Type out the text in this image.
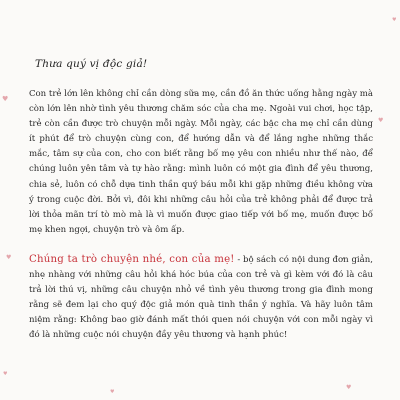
♥
♥
♥
♥
♥
♥
♥

Thưa quý vị độc giả!

Con trẻ lớn lên không chỉ cần dòng sữa mẹ, cần đồ ăn thức uống hằng ngày mà còn lớn lên nhờ tình yêu thương chăm sóc của cha mẹ. Ngoài vui chơi, học tập, trẻ còn cần được trò chuyện mỗi ngày. Mỗi ngày, các bậc cha mẹ chỉ cần dùng ít phút để trò chuyện cùng con, để hướng dẫn và để lắng nghe những thắc mắc, tâm sự của con, cho con biết rằng bố mẹ yêu con nhiều như thế nào, để chúng luôn yên tâm và tự hào rằng: mình luôn có một gia đình để yêu thương, chia sẻ, luôn có chỗ dựa tinh thần quý báu mỗi khi gặp những điều không vừa ý trong cuộc đời. Bởi vì, đôi khi những câu hỏi của trẻ không phải để được trả lời thỏa mãn trí tò mò mà là vì muốn được giao tiếp với bố mẹ, muốn được bố mẹ khen ngợi, chuyện trò và ôm ấp.

Chúng ta trò chuyện nhé, con của mẹ! - bộ sách có nội dung đơn giản, nhẹ nhàng với những câu hỏi khá hóc búa của con trẻ và gì kèm với đó là câu trả lời thú vị, những câu chuyện nhỏ về tình yêu thương trong gia đình mong rằng sẽ đem lại cho quý độc giả món quà tinh thần ý nghĩa. Và hãy luôn tâm niệm rằng: Không bao giờ đánh mất thói quen nói chuyện với con mỗi ngày vì đó là những cuộc nói chuyện đầy yêu thương và hạnh phúc!
